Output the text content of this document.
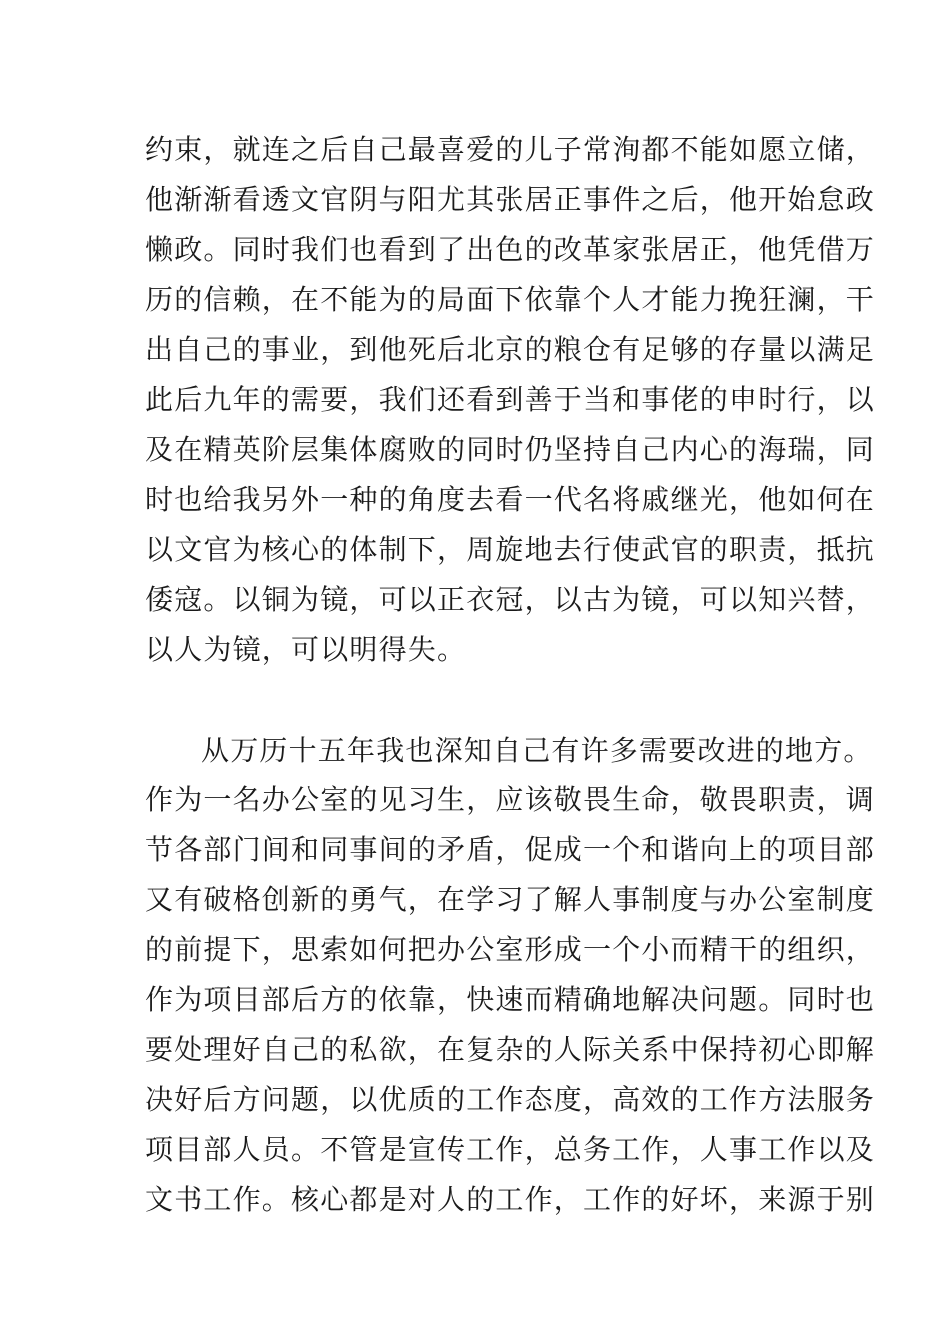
约束，就连之后自己最喜爱的儿子常洵都不能如愿立储，

他渐渐看透文官阴与阳尤其张居正事件之后，他开始怠政

懒政。同时我们也看到了出色的改革家张居正，他凭借万

历的信赖，在不能为的局面下依靠个人才能力挽狂澜，干

出自己的事业，到他死后北京的粮仓有足够的存量以满足

此后九年的需要，我们还看到善于当和事佬的申时行，以

及在精英阶层集体腐败的同时仍坚持自己内心的海瑞，同

时也给我另外一种的角度去看一代名将戚继光，他如何在

以文官为核心的体制下，周旋地去行使武官的职责，抵抗

倭寇。以铜为镜，可以正衣冠，以古为镜，可以知兴替，

以人为镜，可以明得失。

从万历十五年我也深知自己有许多需要改进的地方。

作为一名办公室的见习生，应该敬畏生命，敬畏职责，调

节各部门间和同事间的矛盾，促成一个和谐向上的项目部

又有破格创新的勇气，在学习了解人事制度与办公室制度

的前提下，思索如何把办公室形成一个小而精干的组织，

作为项目部后方的依靠，快速而精确地解决问题。同时也

要处理好自己的私欲，在复杂的人际关系中保持初心即解

决好后方问题，以优质的工作态度，高效的工作方法服务

项目部人员。不管是宣传工作，总务工作，人事工作以及

文书工作。核心都是对人的工作，工作的好坏，来源于别
